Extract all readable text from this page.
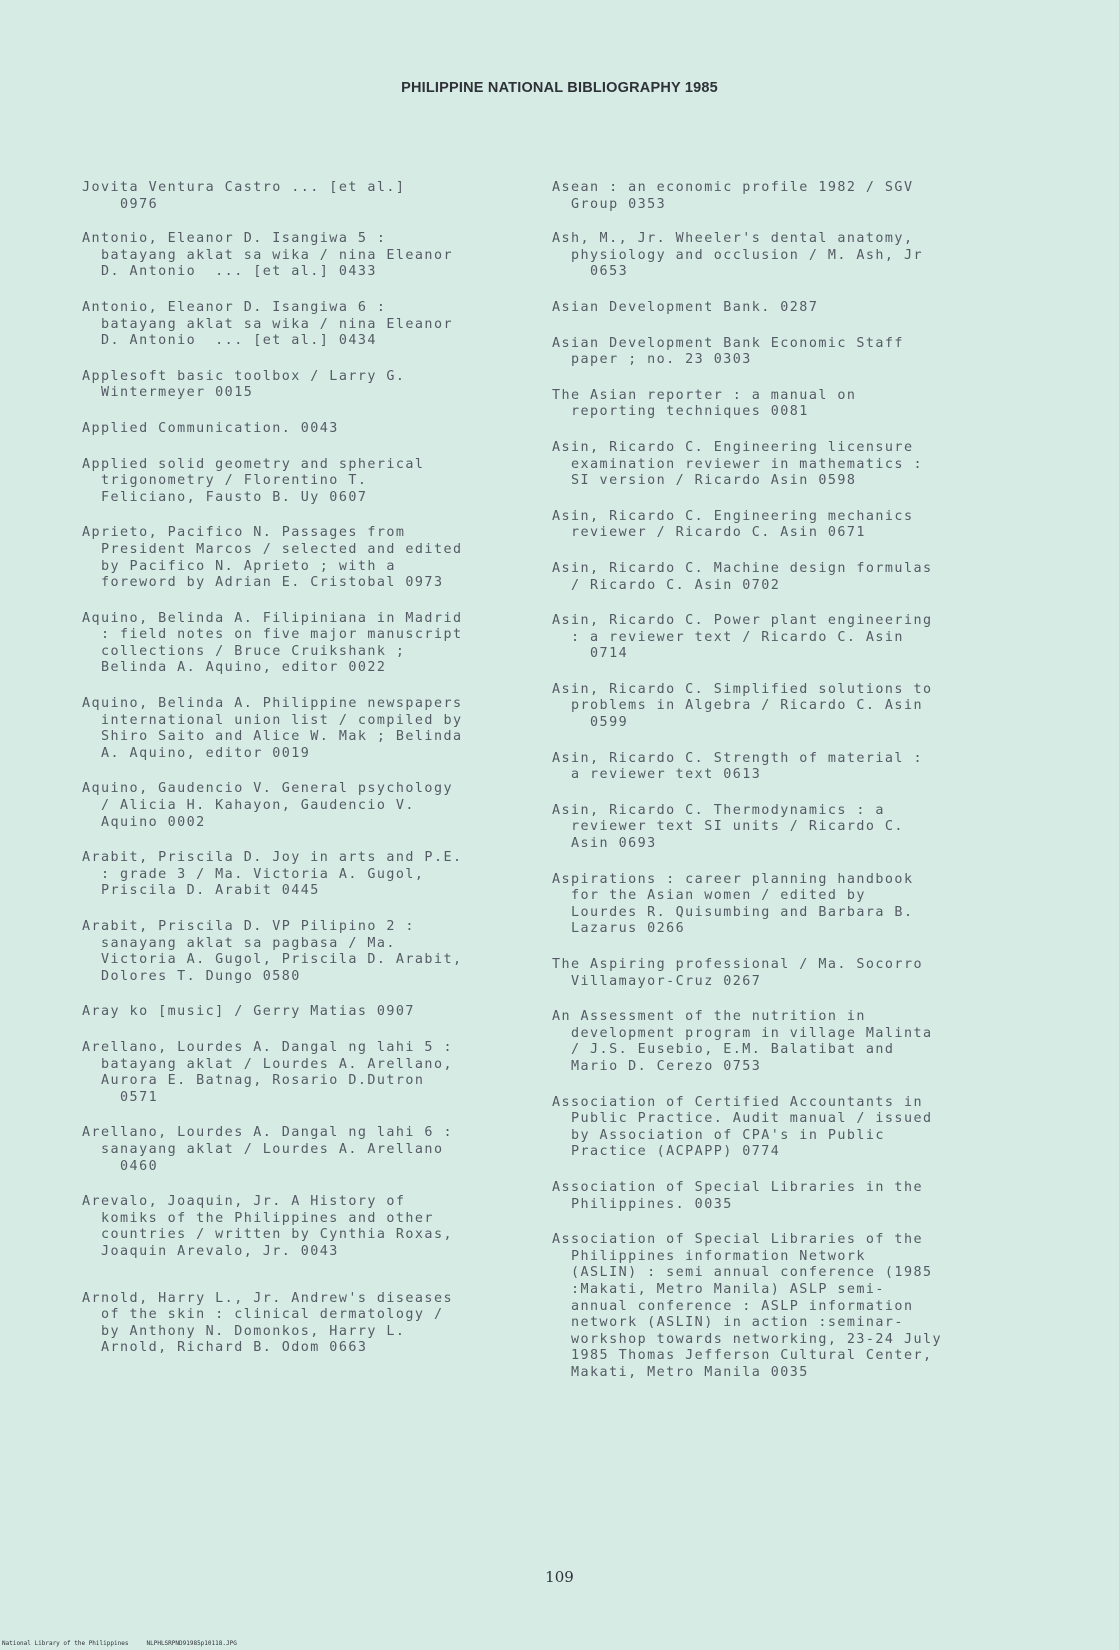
PHILIPPINE NATIONAL BIBLIOGRAPHY 1985
Jovita Ventura Castro ... [et al.]
0976
Antonio, Eleanor D. Isangiwa 5 :
batayang aklat sa wika / nina Eleanor
D. Antonio  ... [et al.] 0433
Antonio, Eleanor D. Isangiwa 6 :
batayang aklat sa wika / nina Eleanor
D. Antonio  ... [et al.] 0434
Applesoft basic toolbox / Larry G.
Wintermeyer 0015
Applied Communication. 0043
Applied solid geometry and spherical
trigonometry / Florentino T.
Feliciano, Fausto B. Uy 0607
Aprieto, Pacifico N. Passages from
President Marcos / selected and edited
by Pacifico N. Aprieto ; with a
foreword by Adrian E. Cristobal 0973
Aquino, Belinda A. Filipiniana in Madrid
: field notes on five major manuscript
collections / Bruce Cruikshank ;
Belinda A. Aquino, editor 0022
Aquino, Belinda A. Philippine newspapers
international union list / compiled by
Shiro Saito and Alice W. Mak ; Belinda
A. Aquino, editor 0019
Aquino, Gaudencio V. General psychology
/ Alicia H. Kahayon, Gaudencio V.
Aquino 0002
Arabit, Priscila D. Joy in arts and P.E.
: grade 3 / Ma. Victoria A. Gugol,
Priscila D. Arabit 0445
Arabit, Priscila D. VP Pilipino 2 :
sanayang aklat sa pagbasa / Ma.
Victoria A. Gugol, Priscila D. Arabit,
Dolores T. Dungo 0580
Aray ko [music] / Gerry Matias 0907
Arellano, Lourdes A. Dangal ng lahi 5 :
batayang aklat / Lourdes A. Arellano,
Aurora E. Batnag, Rosario D.Dutron
0571
Arellano, Lourdes A. Dangal ng lahi 6 :
sanayang aklat / Lourdes A. Arellano
0460
Arevalo, Joaquin, Jr. A History of
komiks of the Philippines and other
countries / written by Cynthia Roxas,
Joaquin Arevalo, Jr. 0043
Arnold, Harry L., Jr. Andrew's diseases
of the skin : clinical dermatology /
by Anthony N. Domonkos, Harry L.
Arnold, Richard B. Odom 0663
Asean : an economic profile 1982 / SGV
Group 0353
Ash, M., Jr. Wheeler's dental anatomy,
physiology and occlusion / M. Ash, Jr
0653
Asian Development Bank. 0287
Asian Development Bank Economic Staff
paper ; no. 23 0303
The Asian reporter : a manual on
reporting techniques 0081
Asin, Ricardo C. Engineering licensure
examination reviewer in mathematics :
SI version / Ricardo Asin 0598
Asin, Ricardo C. Engineering mechanics
reviewer / Ricardo C. Asin 0671
Asin, Ricardo C. Machine design formulas
/ Ricardo C. Asin 0702
Asin, Ricardo C. Power plant engineering
: a reviewer text / Ricardo C. Asin
0714
Asin, Ricardo C. Simplified solutions to
problems in Algebra / Ricardo C. Asin
0599
Asin, Ricardo C. Strength of material :
a reviewer text 0613
Asin, Ricardo C. Thermodynamics : a
reviewer text SI units / Ricardo C.
Asin 0693
Aspirations : career planning handbook
for the Asian women / edited by
Lourdes R. Quisumbing and Barbara B.
Lazarus 0266
The Aspiring professional / Ma. Socorro
Villamayor-Cruz 0267
An Assessment of the nutrition in
development program in village Malinta
/ J.S. Eusebio, E.M. Balatibat and
Mario D. Cerezo 0753
Association of Certified Accountants in
Public Practice. Audit manual / issued
by Association of CPA's in Public
Practice (ACPAPP) 0774
Association of Special Libraries in the
Philippines. 0035
Association of Special Libraries of the
Philippines information Network
(ASLIN) : semi annual conference (1985
:Makati, Metro Manila) ASLP semi-
annual conference : ASLP information
network (ASLIN) in action :seminar-
workshop towards networking, 23-24 July
1985 Thomas Jefferson Cultural Center,
Makati, Metro Manila 0035
109
National Library of the Philippines     NLPHLSRPND91985p10118.JPG
